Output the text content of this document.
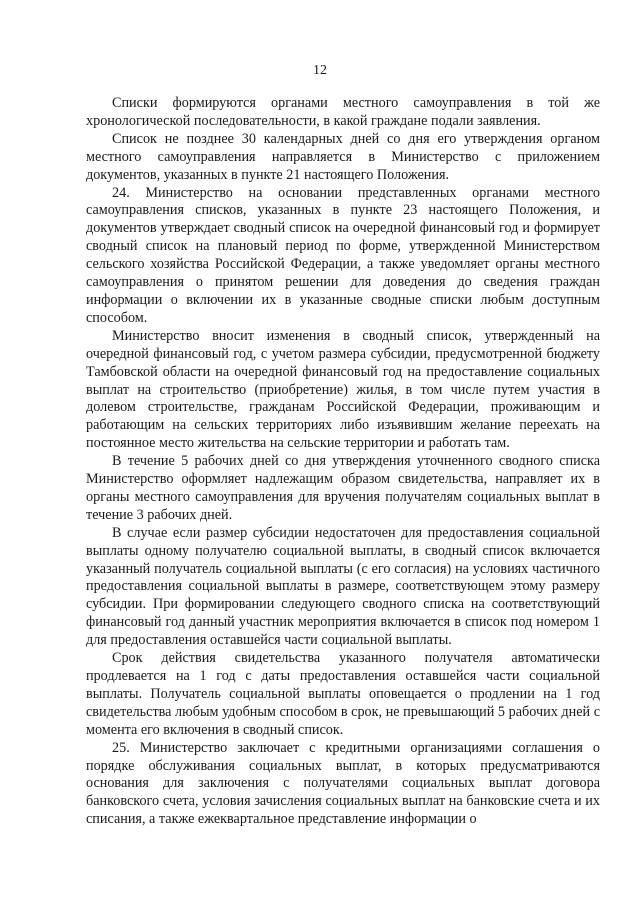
12

Списки формируются органами местного самоуправления в той же хронологической последовательности, в какой граждане подали заявления.

Список не позднее 30 календарных дней со дня его утверждения органом местного самоуправления направляется в Министерство с приложением документов, указанных в пункте 21 настоящего Положения.

24. Министерство на основании представленных органами местного самоуправления списков, указанных в пункте 23 настоящего Положения, и документов утверждает сводный список на очередной финансовый год и формирует сводный список на плановый период по форме, утвержденной Министерством сельского хозяйства Российской Федерации, а также уведомляет органы местного самоуправления о принятом решении для доведения до сведения граждан информации о включении их в указанные сводные списки любым доступным способом.

Министерство вносит изменения в сводный список, утвержденный на очередной финансовый год, с учетом размера субсидии, предусмотренной бюджету Тамбовской области на очередной финансовый год на предоставление социальных выплат на строительство (приобретение) жилья, в том числе путем участия в долевом строительстве, гражданам Российской Федерации, проживающим и работающим на сельских территориях либо изъявившим желание переехать на постоянное место жительства на сельские территории и работать там.

В течение 5 рабочих дней со дня утверждения уточненного сводного списка Министерство оформляет надлежащим образом свидетельства, направляет их в органы местного самоуправления для вручения получателям социальных выплат в течение 3 рабочих дней.

В случае если размер субсидии недостаточен для предоставления социальной выплаты одному получателю социальной выплаты, в сводный список включается указанный получатель социальной выплаты (с его согласия) на условиях частичного предоставления социальной выплаты в размере, соответствующем этому размеру субсидии. При формировании следующего сводного списка на соответствующий финансовый год данный участник мероприятия включается в список под номером 1 для предоставления оставшейся части социальной выплаты.

Срок действия свидетельства указанного получателя автоматически продлевается на 1 год с даты предоставления оставшейся части социальной выплаты. Получатель социальной выплаты оповещается о продлении на 1 год свидетельства любым удобным способом в срок, не превышающий 5 рабочих дней с момента его включения в сводный список.

25. Министерство заключает с кредитными организациями соглашения о порядке обслуживания социальных выплат, в которых предусматриваются основания для заключения с получателями социальных выплат договора банковского счета, условия зачисления социальных выплат на банковские счета и их списания, а также ежеквартальное представление информации о
